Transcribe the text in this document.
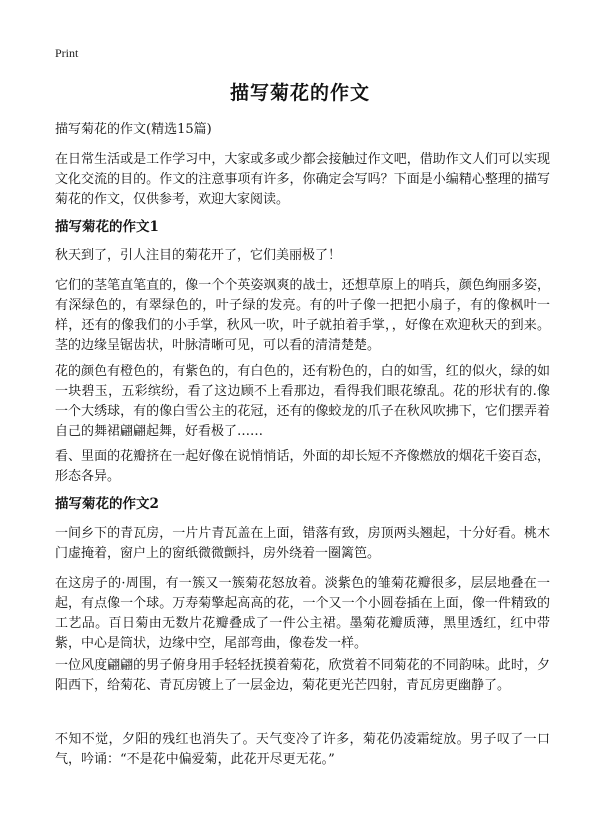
Print
描写菊花的作文

描写菊花的作文(精选15篇)

在日常生活或是工作学习中，大家或多或少都会接触过作文吧，借助作文人们可以实现文化交流的目的。作文的注意事项有许多，你确定会写吗？下面是小编精心整理的描写菊花的作文，仅供参考，欢迎大家阅读。

描写菊花的作文1

秋天到了，引人注目的菊花开了，它们美丽极了！

它们的茎笔直笔直的，像一个个英姿飒爽的战士，还想草原上的哨兵，颜色绚丽多姿，有深绿色的，有翠绿色的，叶子绿的发亮。有的叶子像一把把小扇子，有的像枫叶一样，还有的像我们的小手掌，秋风一吹，叶子就拍着手掌，，好像在欢迎秋天的到来。茎的边缘呈锯齿状，叶脉清晰可见，可以看的清清楚楚。

花的颜色有橙色的，有紫色的，有白色的，还有粉色的，白的如雪，红的似火，绿的如一块碧玉，五彩缤纷，看了这边顾不上看那边，看得我们眼花缭乱。花的形状有的.像一个大绣球，有的像白雪公主的花冠，还有的像蛟龙的爪子在秋风吹拂下，它们摆弄着自己的舞裙翩翩起舞，好看极了……

看、里面的花瓣挤在一起好像在说悄悄话，外面的却长短不齐像燃放的烟花千姿百态，形态各异。

描写菊花的作文2

一间乡下的青瓦房，一片片青瓦盖在上面，错落有致，房顶两头翘起，十分好看。桃木门虚掩着，窗户上的窗纸微微颤抖，房外绕着一圈篱笆。

在这房子的·周围，有一簇又一簇菊花怒放着。淡紫色的雏菊花瓣很多，层层地叠在一起，有点像一个球。万寿菊擎起高高的花，一个又一个小圆卷插在上面，像一件精致的工艺品。百日菊由无数片花瓣叠成了一件公主裙。墨菊花瓣质薄，黑里透红，红中带紫，中心是筒状，边缘中空，尾部弯曲，像卷发一样。

一位风度翩翩的男子俯身用手轻轻抚摸着菊花，欣赏着不同菊花的不同韵味。此时，夕阳西下，给菊花、青瓦房镀上了一层金边，菊花更光芒四射，青瓦房更幽静了。

不知不觉，夕阳的残红也消失了。天气变冷了许多，菊花仍凌霜绽放。男子叹了一口气，吟诵：“不是花中偏爱菊，此花开尽更无花。”
